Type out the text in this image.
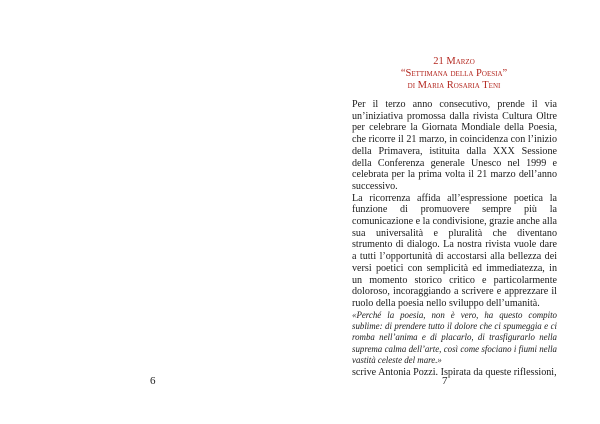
6
21 Marzo
“Settimana della Poesia”
di Maria Rosaria Teni

Per il terzo anno consecutivo, prende il via un’iniziativa promossa dalla rivista Cultura Oltre per celebrare la Giornata Mondiale della Poesia, che ricorre il 21 marzo, in coincidenza con l’inizio della Primavera, istituita dalla XXX Sessione della Conferenza generale Unesco nel 1999 e celebrata per la prima volta il 21 marzo dell’anno successivo.

La ricorrenza affida all’espressione poetica la funzione di promuovere sempre più la comunicazione e la condivisione, grazie anche alla sua universalità e pluralità che diventano strumento di dialogo. La nostra rivista vuole dare a tutti l’opportunità di accostarsi alla bellezza dei versi poetici con semplicità ed immediatezza, in un momento storico critico e particolarmente doloroso, incoraggiando a scrivere e apprezzare il ruolo della poesia nello sviluppo dell’umanità.

«Perché la poesia, non è vero, ha questo compito sublime: di prendere tutto il dolore che ci spumeggia e ci romba nell’anima e di placarlo, di trasfigurarlo nella suprema calma dell’arte, così come sfociano i fiumi nella vastità celeste del mare.»

scrive Antonia Pozzi. Ispirata da queste riflessioni,

7
